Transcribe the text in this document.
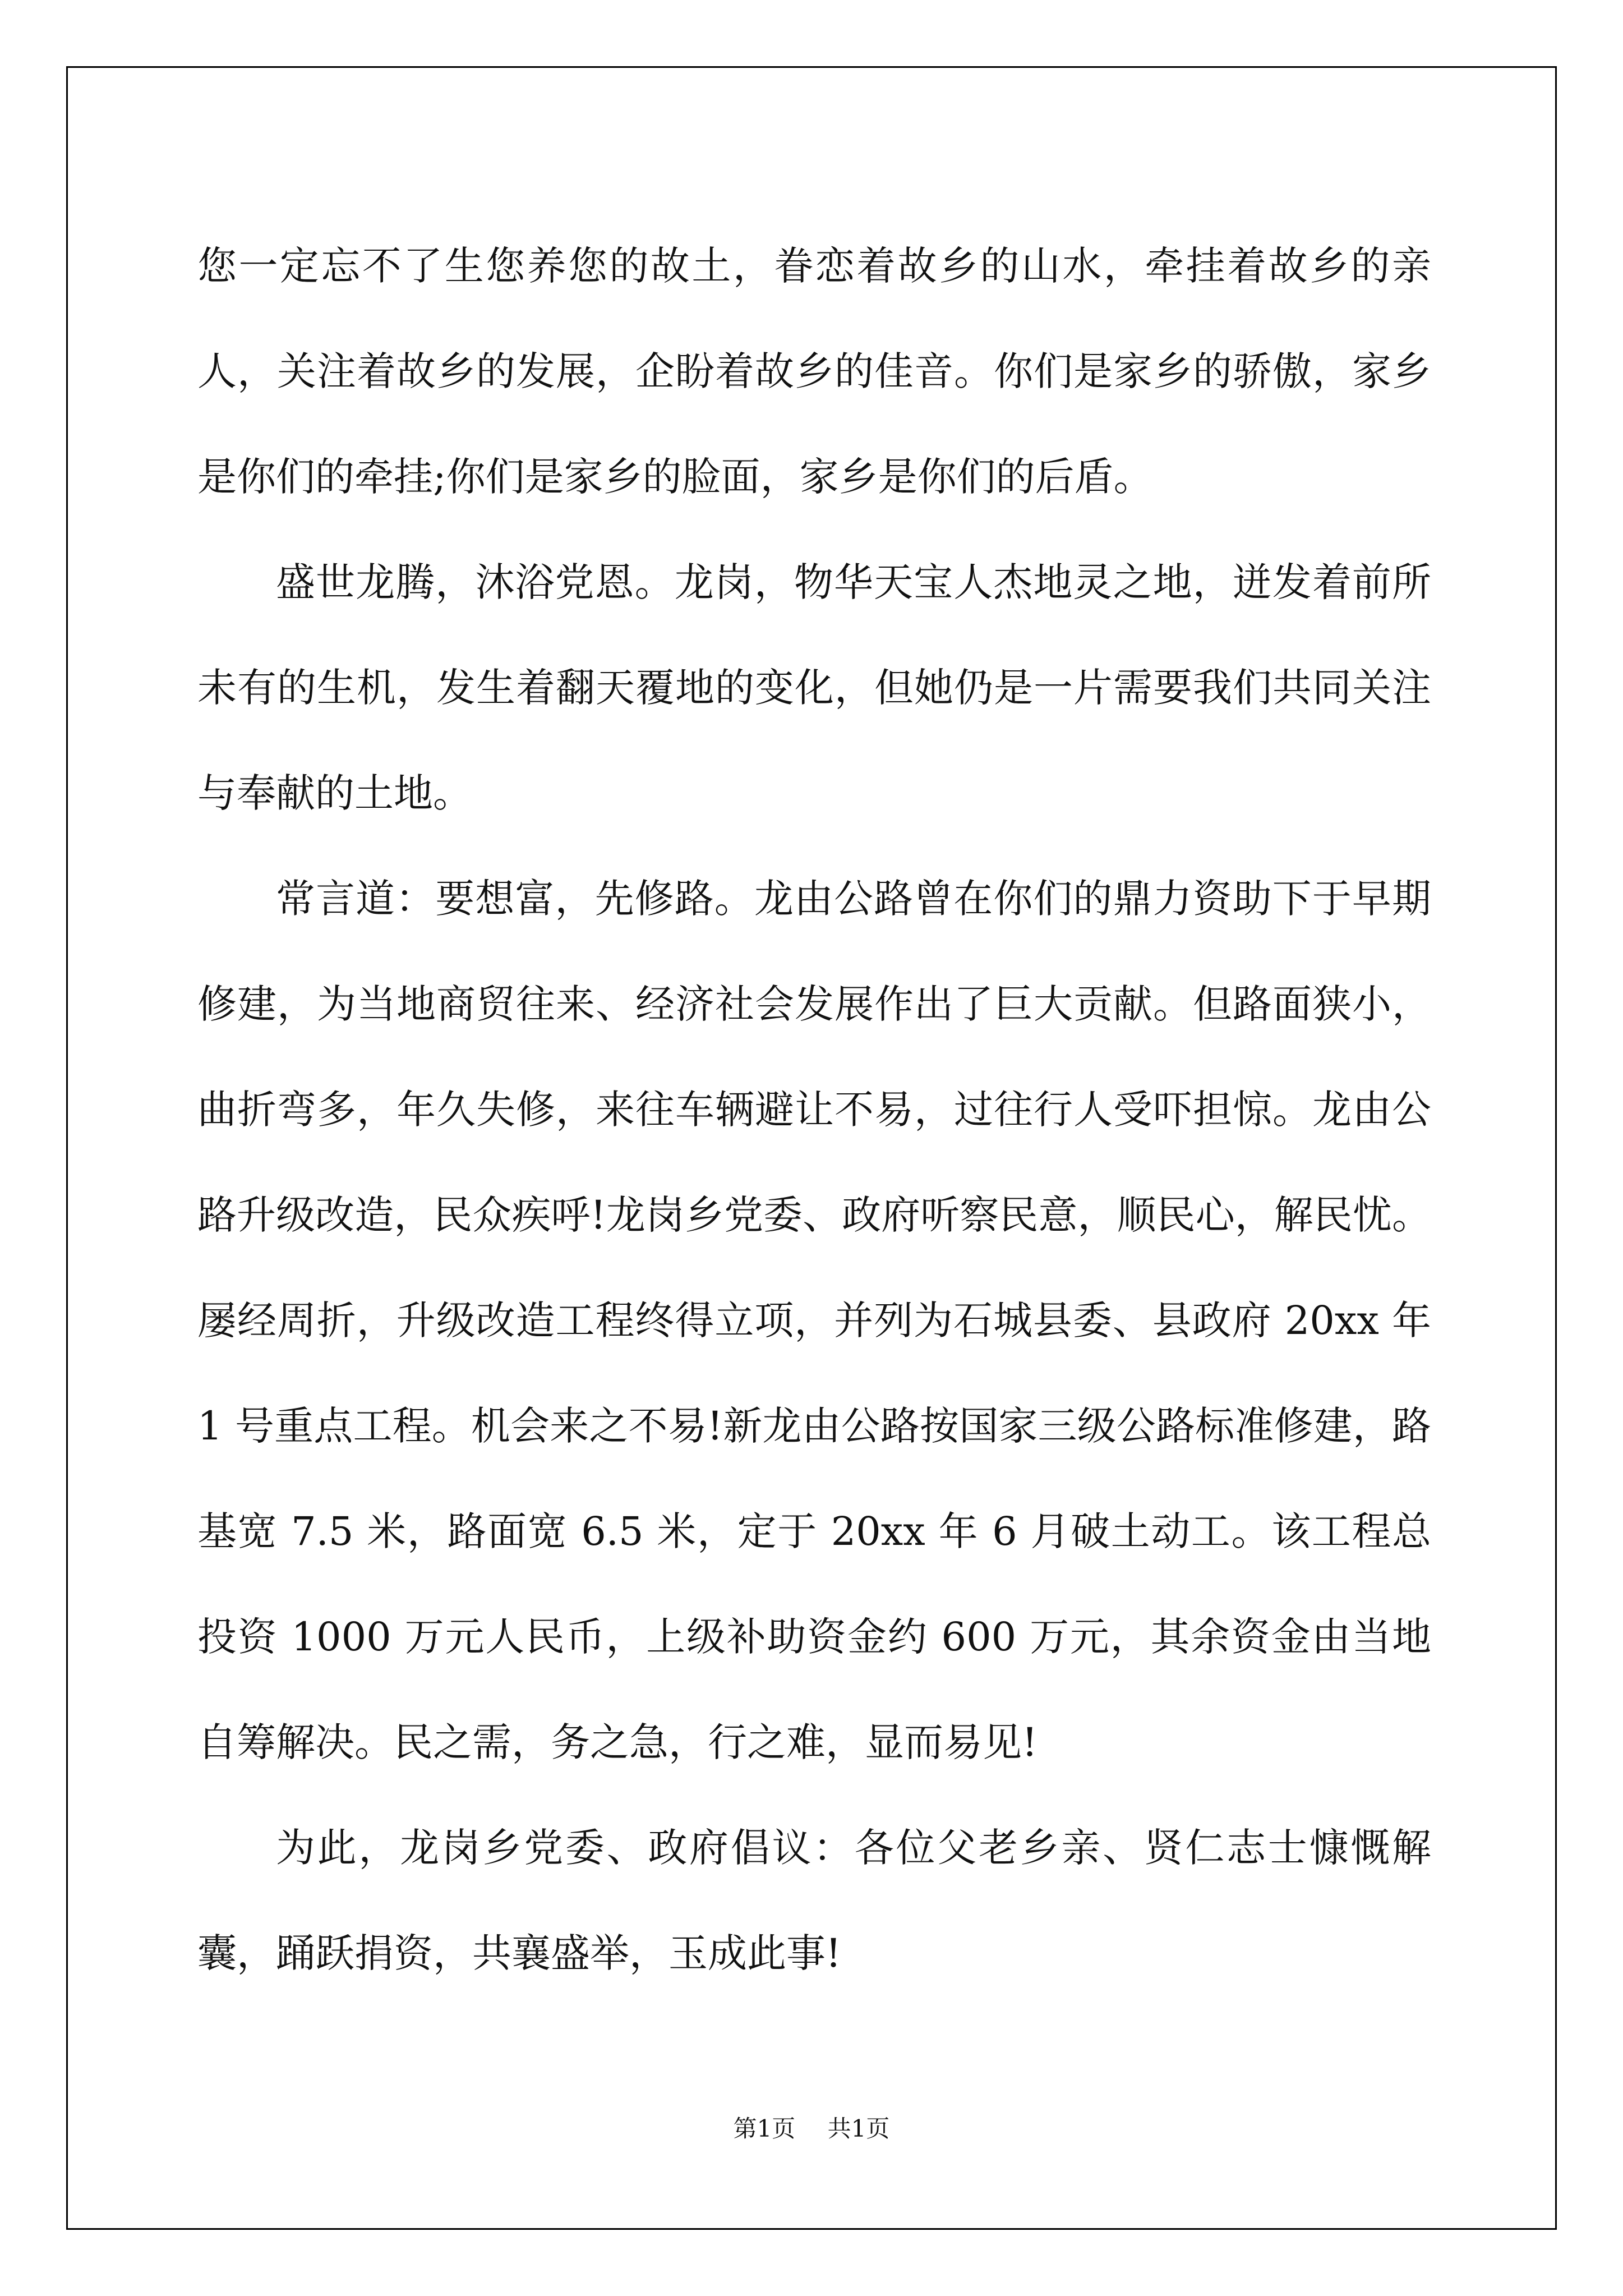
您一定忘不了生您养您的故土，眷恋着故乡的山水，牵挂着故乡的亲人，关注着故乡的发展，企盼着故乡的佳音。你们是家乡的骄傲，家乡是你们的牵挂;你们是家乡的脸面，家乡是你们的后盾。

盛世龙腾，沐浴党恩。龙岗，物华天宝人杰地灵之地，迸发着前所未有的生机，发生着翻天覆地的变化，但她仍是一片需要我们共同关注与奉献的土地。

常言道：要想富，先修路。龙由公路曾在你们的鼎力资助下于早期修建，为当地商贸往来、经济社会发展作出了巨大贡献。但路面狭小，曲折弯多，年久失修，来往车辆避让不易，过往行人受吓担惊。龙由公路升级改造，民众疾呼!龙岗乡党委、政府听察民意，顺民心，解民忧。屡经周折，升级改造工程终得立项，并列为石城县委、县政府 20xx 年 1 号重点工程。机会来之不易!新龙由公路按国家三级公路标准修建，路基宽 7.5 米，路面宽 6.5 米，定于 20xx 年 6 月破土动工。该工程总投资 1000 万元人民币，上级补助资金约 600 万元，其余资金由当地自筹解决。民之需，务之急，行之难，显而易见!

为此，龙岗乡党委、政府倡议：各位父老乡亲、贤仁志士慷慨解囊，踊跃捐资，共襄盛举，玉成此事!

第1页 共1页
